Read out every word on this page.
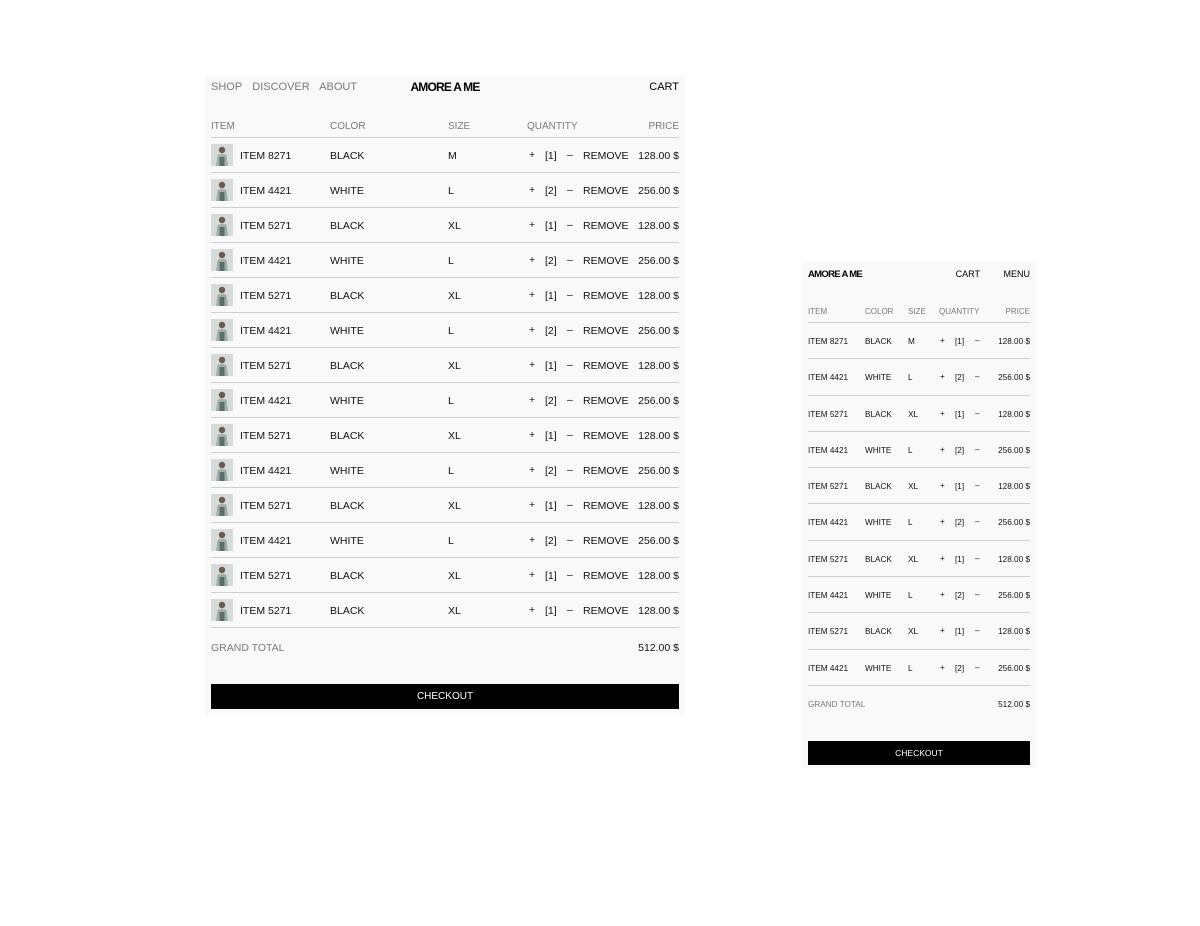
SHOP DISCOVER ABOUT	AMORE A ME	CART
ITEM	COLOR	SIZE	QUANTITY	PRICE
ITEM 8271	BLACK	M	+ [1] – REMOVE 128.00 $
ITEM 4421	WHITE	L	+ [2] – REMOVE 256.00 $
ITEM 5271	BLACK	XL	+ [1] – REMOVE 128.00 $
ITEM 4421	WHITE	L	+ [2] – REMOVE 256.00 $
ITEM 5271	BLACK	XL	+ [1] – REMOVE 128.00 $
ITEM 4421	WHITE	L	+ [2] – REMOVE 256.00 $
ITEM 5271	BLACK	XL	+ [1] – REMOVE 128.00 $
ITEM 4421	WHITE	L	+ [2] – REMOVE 256.00 $
ITEM 5271	BLACK	XL	+ [1] – REMOVE 128.00 $
ITEM 4421	WHITE	L	+ [2] – REMOVE 256.00 $
ITEM 5271	BLACK	XL	+ [1] – REMOVE 128.00 $
ITEM 4421	WHITE	L	+ [2] – REMOVE 256.00 $
ITEM 5271	BLACK	XL	+ [1] – REMOVE 128.00 $
ITEM 5271	BLACK	XL	+ [1] – REMOVE 128.00 $
GRAND TOTAL	512.00 $
CHECKOUT
AMORE A ME	CART	MENU
ITEM	COLOR SIZE QUANTITY	PRICE
ITEM 8271 BLACK M	+ [1] – 128.00 $
ITEM 4421 WHITE L	+ [2] – 256.00 $
ITEM 5271 BLACK XL	+ [1] – 128.00 $
ITEM 4421 WHITE L	+ [2] – 256.00 $
ITEM 5271 BLACK XL	+ [1] – 128.00 $
ITEM 4421 WHITE L	+ [2] – 256.00 $
ITEM 5271 BLACK XL	+ [1] – 128.00 $
ITEM 4421 WHITE L	+ [2] – 256.00 $
ITEM 5271 BLACK XL	+ [1] – 128.00 $
ITEM 4421 WHITE L	+ [2] – 256.00 $
GRAND TOTAL	512.00 $
CHECKOUT
